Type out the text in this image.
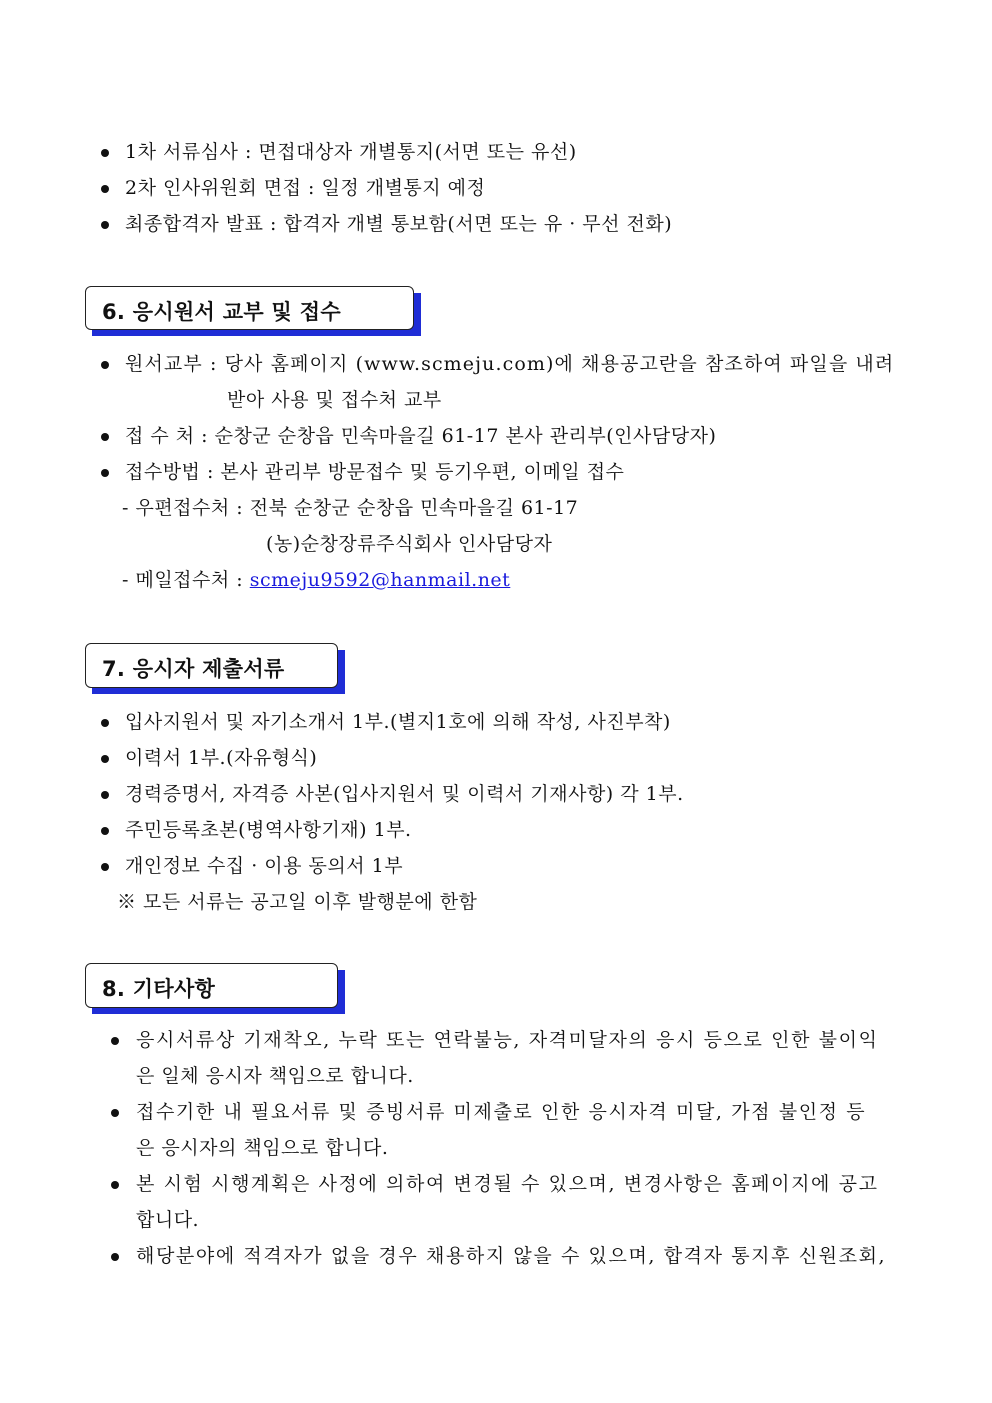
1차 서류심사 : 면접대상자 개별통지(서면 또는 유선)
2차 인사위원회 면접 : 일정 개별통지 예정
최종합격자 발표 : 합격자 개별 통보함(서면 또는 유 · 무선 전화)
6. 응시원서 교부 및 접수
원서교부 : 당사 홈페이지 (www.scmeju.com)에 채용공고란을 참조하여 파일을 내려
받아 사용 및 접수처 교부
접 수 처 : 순창군 순창읍 민속마을길 61-17 본사 관리부(인사담당자)
접수방법 : 본사 관리부 방문접수 및 등기우편, 이메일 접수
- 우편접수처 : 전북 순창군 순창읍 민속마을길 61-17
(농)순창장류주식회사 인사담당자
- 메일접수처 : scmeju9592@hanmail.net
7. 응시자 제출서류
입사지원서 및 자기소개서 1부.(별지1호에 의해 작성, 사진부착)
이력서 1부.(자유형식)
경력증명서, 자격증 사본(입사지원서 및 이력서 기재사항) 각 1부.
주민등록초본(병역사항기재) 1부.
개인정보 수집 · 이용 동의서 1부
※ 모든 서류는 공고일 이후 발행분에 한함
8. 기타사항
응시서류상 기재착오, 누락 또는 연락불능, 자격미달자의 응시 등으로 인한 불이익
은 일체 응시자 책임으로 합니다.
접수기한 내 필요서류 및 증빙서류 미제출로 인한 응시자격 미달, 가점 불인정 등
은 응시자의 책임으로 합니다.
본 시험 시행계획은 사정에 의하여 변경될 수 있으며, 변경사항은 홈페이지에 공고
합니다.
해당분야에 적격자가 없을 경우 채용하지 않을 수 있으며, 합격자 통지후 신원조회,
